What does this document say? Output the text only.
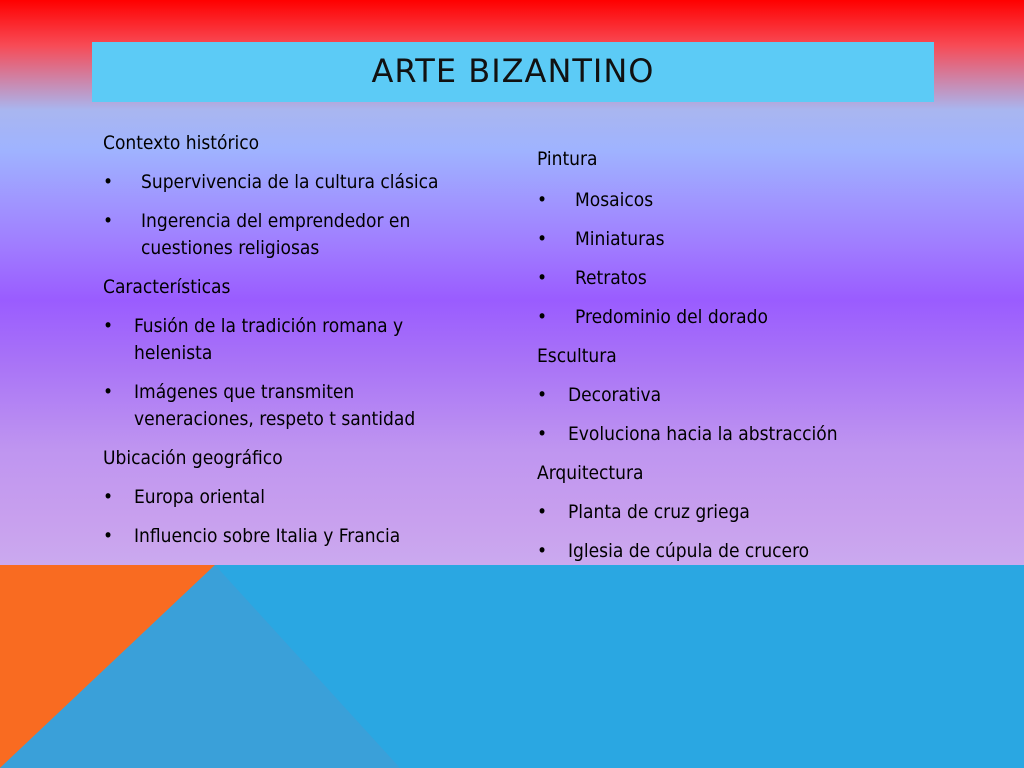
ARTE BIZANTINO
Contexto histórico
•	Supervivencia de la cultura clásica
•	Ingerencia del emprendedor en cuestiones religiosas
Características
•	Fusión de la tradición romana y helenista
•	Imágenes que transmiten veneraciones, respeto t santidad
Ubicación geográfico
•	Europa oriental
•	Influencio sobre Italia y Francia
Pintura
•	Mosaicos
•	Miniaturas
•	Retratos
•	Predominio del dorado
Escultura
•	Decorativa
•	Evoluciona hacia la abstracción
Arquitectura
•	Planta de cruz griega
•	Iglesia de cúpula de crucero
